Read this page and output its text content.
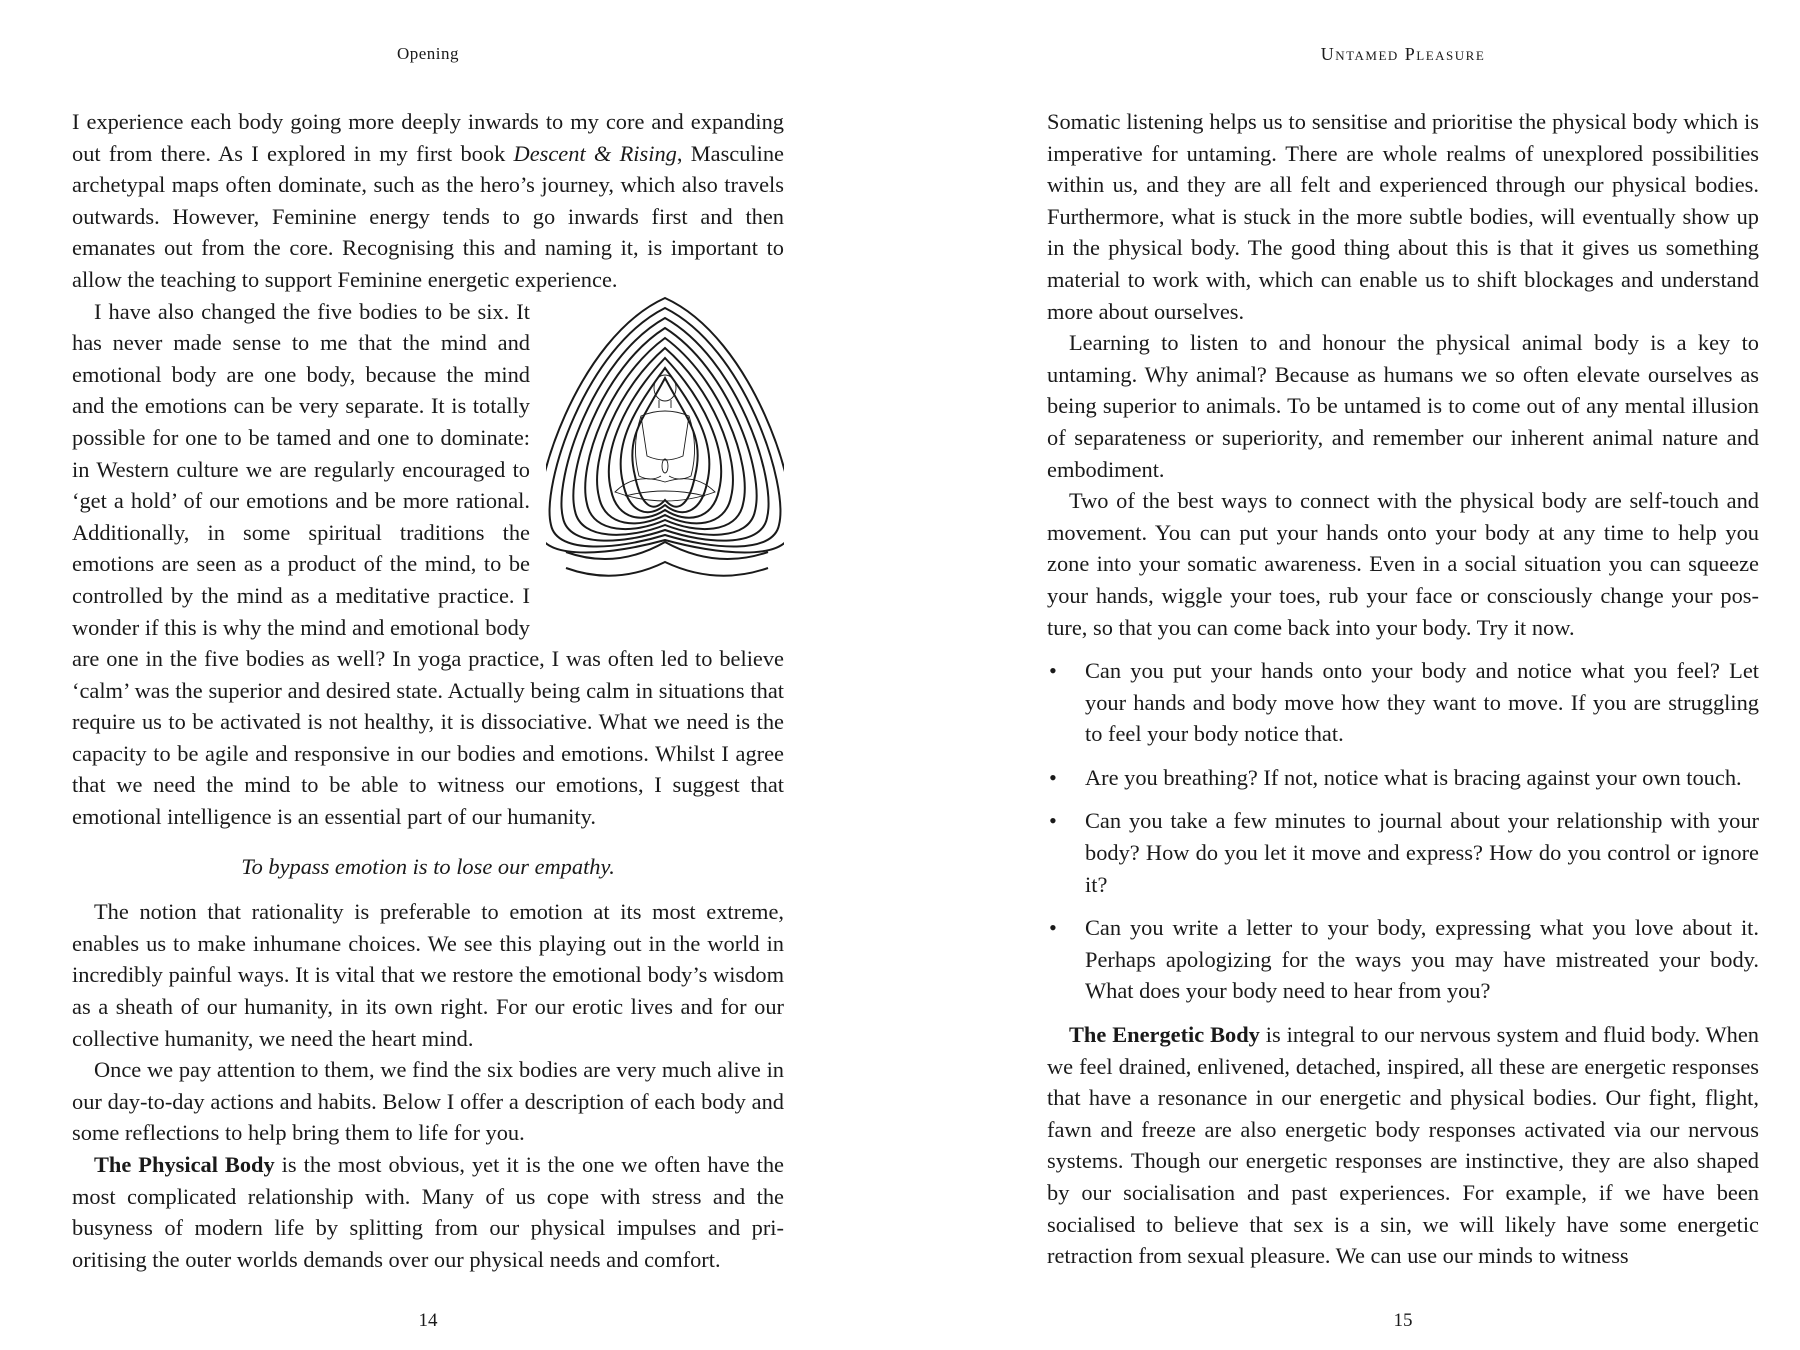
Opening

I experience each body going more deeply inwards to my core and expanding out from there. As I explored in my first book Descent & Rising, Masculine archetypal maps often dominate, such as the hero’s journey, which also travels outwards. However, Feminine energy tends to go inwards first and then emanates out from the core. Recognising this and naming it, is important to allow the teaching to support Feminine energetic experience.

I have also changed the five bodies to be six. It has never made sense to me that the mind and emotional body are one body, because the mind and the emotions can be very separate. It is totally possible for one to be tamed and one to dominate: in Western culture we are regularly encouraged to ‘get a hold’ of our emotions and be more rational. Additionally, in some spiritual traditions the emotions are seen as a product of the mind, to be controlled by the mind as a meditative practice. I wonder if this is why the mind and emotional body are one in the five bodies as well? In yoga practice, I was often led to believe ‘calm’ was the superior and desired state. Actually being calm in situations that require us to be activated is not healthy, it is dissociative. What we need is the capacity to be agile and responsive in our bodies and emotions. Whilst I agree that we need the mind to be able to witness our emotions, I suggest that emotional intelligence is an essential part of our humanity.

To bypass emotion is to lose our empathy.

The notion that rationality is preferable to emotion at its most extreme, enables us to make inhumane choices. We see this playing out in the world in incredibly painful ways. It is vital that we restore the emotional body’s wisdom as a sheath of our humanity, in its own right. For our erotic lives and for our collective humanity, we need the heart mind.

Once we pay attention to them, we find the six bodies are very much alive in our day-to-day actions and habits. Below I offer a description of each body and some reflections to help bring them to life for you.

The Physical Body is the most obvious, yet it is the one we often have the most complicated relationship with. Many of us cope with stress and the busyness of modern life by splitting from our physical impulses and prioritising the outer worlds demands over our physical needs and comfort.

14
Untamed Pleasure

Somatic listening helps us to sensitise and prioritise the physical body which is imperative for untaming. There are whole realms of unexplored possibilities within us, and they are all felt and experienced through our physical bodies. Furthermore, what is stuck in the more subtle bodies, will eventually show up in the physical body. The good thing about this is that it gives us something material to work with, which can enable us to shift blockages and understand more about ourselves.

Learning to listen to and honour the physical animal body is a key to untaming. Why animal? Because as humans we so often elevate ourselves as being superior to animals. To be untamed is to come out of any mental illusion of separateness or superiority, and remember our inherent animal nature and embodiment.

Two of the best ways to connect with the physical body are self-touch and movement. You can put your hands onto your body at any time to help you zone into your somatic awareness. Even in a social situation you can squeeze your hands, wiggle your toes, rub your face or consciously change your posture, so that you can come back into your body. Try it now.

•	Can you put your hands onto your body and notice what you feel? Let your hands and body move how they want to move. If you are struggling to feel your body notice that.
•	Are you breathing? If not, notice what is bracing against your own touch.
•	Can you take a few minutes to journal about your relationship with your body? How do you let it move and express? How do you control or ignore it?
•	Can you write a letter to your body, expressing what you love about it. Perhaps apologizing for the ways you may have mistreated your body. What does your body need to hear from you?

The Energetic Body is integral to our nervous system and fluid body. When we feel drained, enlivened, detached, inspired, all these are energetic responses that have a resonance in our energetic and physical bodies. Our fight, flight, fawn and freeze are also energetic body responses activated via our nervous systems. Though our energetic responses are instinctive, they are also shaped by our socialisation and past experiences. For example, if we have been socialised to believe that sex is a sin, we will likely have some energetic retraction from sexual pleasure. We can use our minds to witness

15
